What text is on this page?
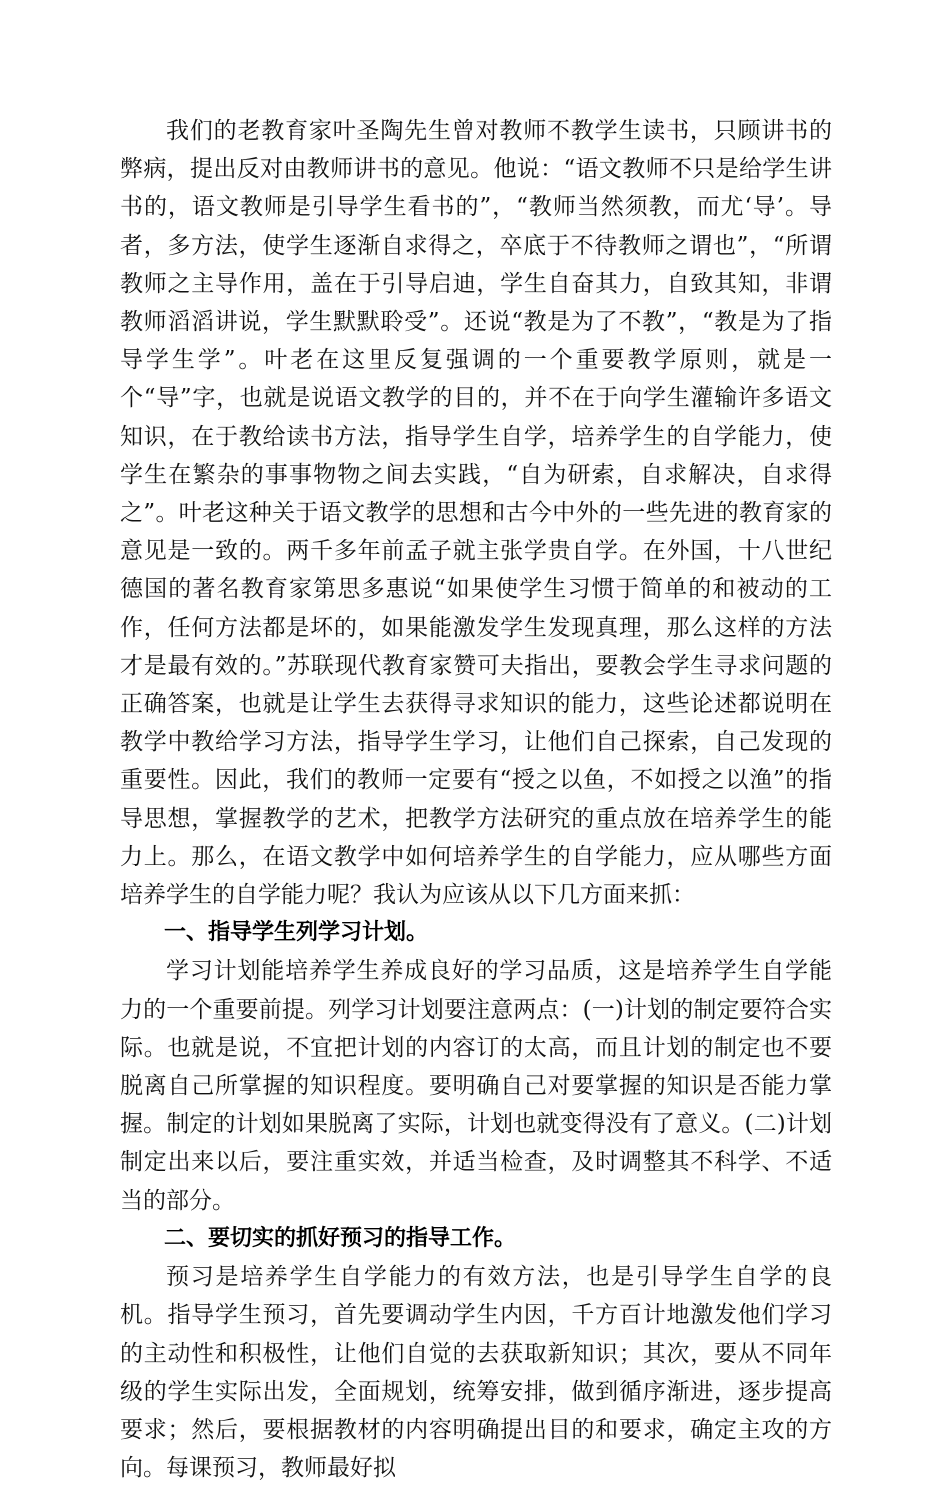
我们的老教育家叶圣陶先生曾对教师不教学生读书，只顾讲书的弊病，提出反对由教师讲书的意见。他说：“语文教师不只是给学生讲书的，语文教师是引导学生看书的”，“教师当然须教，而尤‘导’。导者，多方法，使学生逐渐自求得之，卒底于不待教师之谓也”，“所谓教师之主导作用，盖在于引导启迪，学生自奋其力，自致其知，非谓教师滔滔讲说，学生默默聆受”。还说“教是为了不教”，“教是为了指导学生学”。叶老在这里反复强调的一个重要教学原则，就是一个“导”字，也就是说语文教学的目的，并不在于向学生灌输许多语文知识，在于教给读书方法，指导学生自学，培养学生的自学能力，使学生在繁杂的事事物物之间去实践，“自为研索，自求解决，自求得之”。叶老这种关于语文教学的思想和古今中外的一些先进的教育家的意见是一致的。两千多年前孟子就主张学贵自学。在外国，十八世纪德国的著名教育家第思多惠说“如果使学生习惯于简单的和被动的工作，任何方法都是坏的，如果能激发学生发现真理，那么这样的方法才是最有效的。”苏联现代教育家赞可夫指出，要教会学生寻求问题的正确答案，也就是让学生去获得寻求知识的能力，这些论述都说明在教学中教给学习方法，指导学生学习，让他们自己探索，自己发现的重要性。因此，我们的教师一定要有“授之以鱼，不如授之以渔”的指导思想，掌握教学的艺术，把教学方法研究的重点放在培养学生的能力上。那么，在语文教学中如何培养学生的自学能力，应从哪些方面培养学生的自学能力呢？我认为应该从以下几方面来抓：

一、指导学生列学习计划。

学习计划能培养学生养成良好的学习品质，这是培养学生自学能力的一个重要前提。列学习计划要注意两点：(一)计划的制定要符合实际。也就是说，不宜把计划的内容订的太高，而且计划的制定也不要脱离自己所掌握的知识程度。要明确自己对要掌握的知识是否能力掌握。制定的计划如果脱离了实际，计划也就变得没有了意义。(二)计划制定出来以后，要注重实效，并适当检查，及时调整其不科学、不适当的部分。

二、要切实的抓好预习的指导工作。

预习是培养学生自学能力的有效方法，也是引导学生自学的良机。指导学生预习，首先要调动学生内因，千方百计地激发他们学习的主动性和积极性，让他们自觉的去获取新知识；其次，要从不同年级的学生实际出发，全面规划，统筹安排，做到循序渐进，逐步提高要求；然后，要根据教材的内容明确提出目的和要求，确定主攻的方向。每课预习，教师最好拟
